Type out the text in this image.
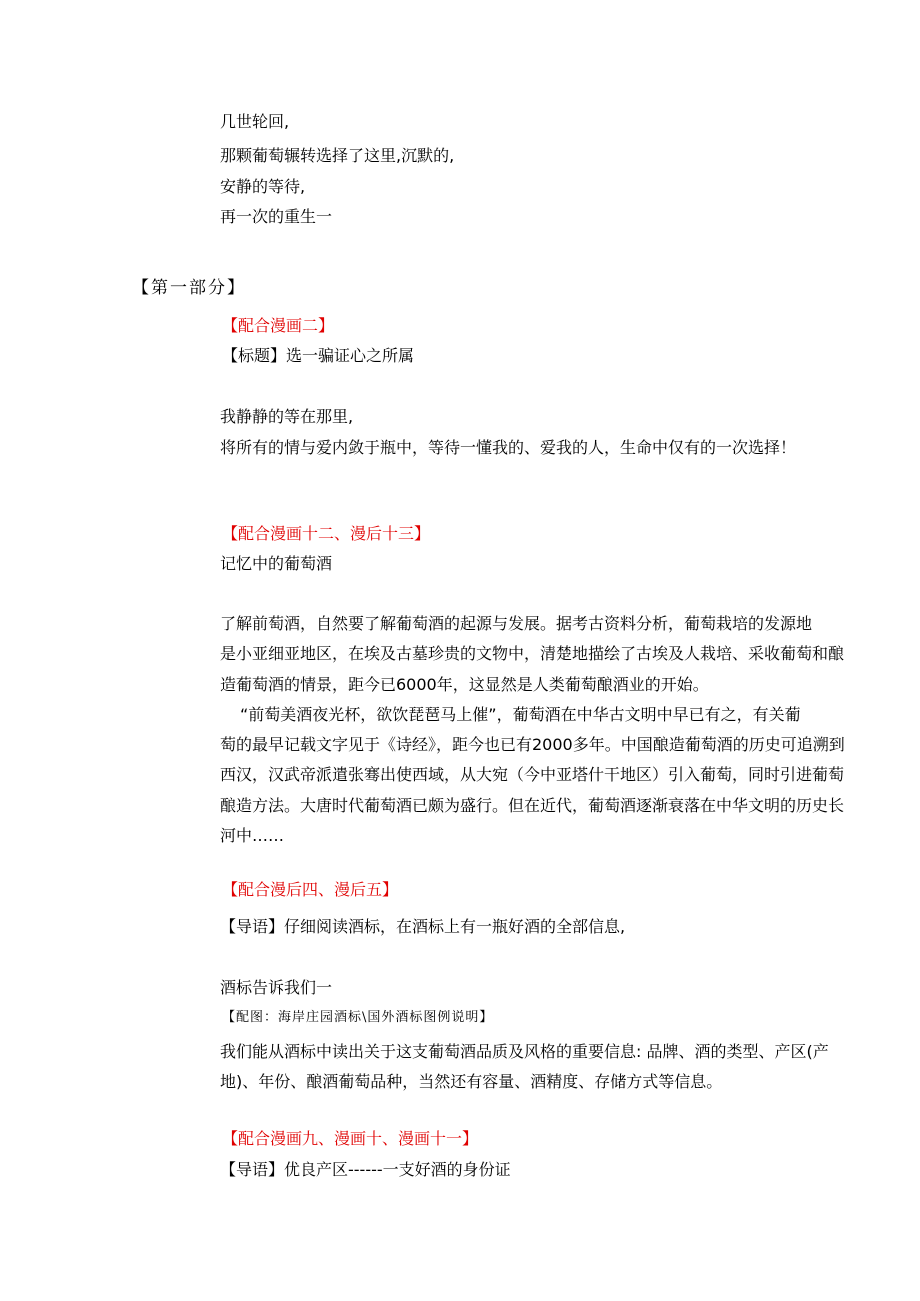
几世轮回,
那颗葡萄辗转选择了这里,沉默的,
安静的等待,
再一次的重生一
【第一部分】
【配合漫画二】
【标题】选一骗证心之所属
我静静的等在那里,
将所有的情与爱内敛于瓶中，等待一懂我的、爱我的人，生命中仅有的一次选择！
【配合漫画十二、漫后十三】
记忆中的葡萄酒
了解前萄酒，自然要了解葡萄酒的起源与发展。据考古资料分析，葡萄栽培的发源地
是小亚细亚地区，在埃及古墓珍贵的文物中，清楚地描绘了古埃及人栽培、采收葡萄和酿
造葡萄酒的情景，距今已6000年，这显然是人类葡萄酿酒业的开始。
“前萄美酒夜光杯，欲饮琵琶马上催”，葡萄酒在中华古文明中早已有之，有关葡
萄的最早记载文字见于《诗经》，距今也已有2000多年。中国酿造葡萄酒的历史可追溯到
西汉，汉武帝派遣张骞出使西域，从大宛（今中亚塔什干地区）引入葡萄，同时引进葡萄
酿造方法。大唐时代葡萄酒已颇为盛行。但在近代，葡萄酒逐渐衰落在中华文明的历史长
河中……
【配合漫后四、漫后五】
【导语】仔细阅读酒标，在酒标上有一瓶好酒的全部信息,
酒标告诉我们一
【配图：海岸庄园酒标\国外酒标图例说明】
我们能从酒标中读出关于这支葡萄酒品质及风格的重要信息: 品牌、酒的类型、产区(产
地)、年份、酿酒葡萄品种，当然还有容量、酒精度、存储方式等信息。
【配合漫画九、漫画十、漫画十一】
【导语】优良产区------一支好酒的身份证
